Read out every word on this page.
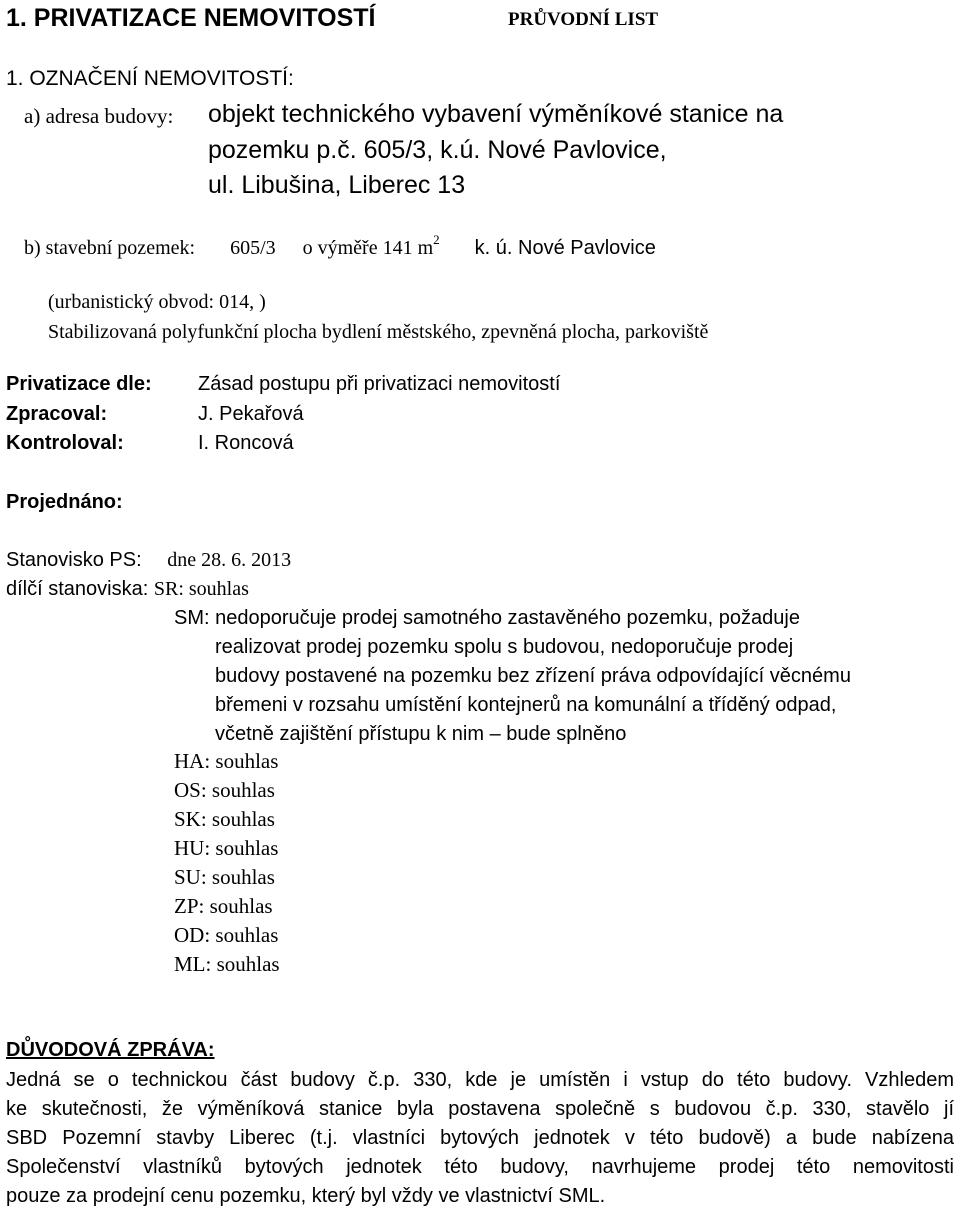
1. PRIVATIZACE NEMOVITOSTÍ	PRŮVODNÍ LIST
1. OZNAČENÍ NEMOVITOSTÍ:
a) adresa budovy: objekt technického vybavení výměníkové stanice na
pozemku p.č. 605/3, k.ú. Nové Pavlovice,
ul. Libušina, Liberec 13
b) stavební pozemek: 605/3 o výměře 141 m2 k. ú. Nové Pavlovice
(urbanistický obvod: 014, )
Stabilizovaná polyfunkční plocha bydlení městského, zpevněná plocha, parkoviště
Privatizace dle: Zásad postupu při privatizaci nemovitostí
Zpracoval:	J. Pekařová
Kontroloval:	I. Roncová
Projednáno:
Stanovisko PS: dne 28. 6. 2013
dílčí stanoviska: SR: souhlas
SM: nedoporučuje prodej samotného zastavěného pozemku, požaduje
realizovat prodej pozemku spolu s budovou, nedoporučuje prodej
budovy postavené na pozemku bez zřízení práva odpovídající věcnému
břemeni v rozsahu umístění kontejnerů na komunální a tříděný odpad,
včetně zajištění přístupu k nim – bude splněno
HA: souhlas
OS: souhlas
SK: souhlas
HU: souhlas
SU: souhlas
ZP: souhlas
OD: souhlas
ML: souhlas
DŮVODOVÁ ZPRÁVA:
Jedná se o technickou část budovy č.p. 330, kde je umístěn i vstup do této budovy. Vzhledem
ke skutečnosti, že výměníková stanice byla postavena společně s budovou č.p. 330, stavělo jí
SBD Pozemní stavby Liberec (t.j. vlastníci bytových jednotek v této budově) a bude nabízena
Společenství vlastníků bytových jednotek této budovy, navrhujeme prodej této nemovitosti
pouze za prodejní cenu pozemku, který byl vždy ve vlastnictví SML.
